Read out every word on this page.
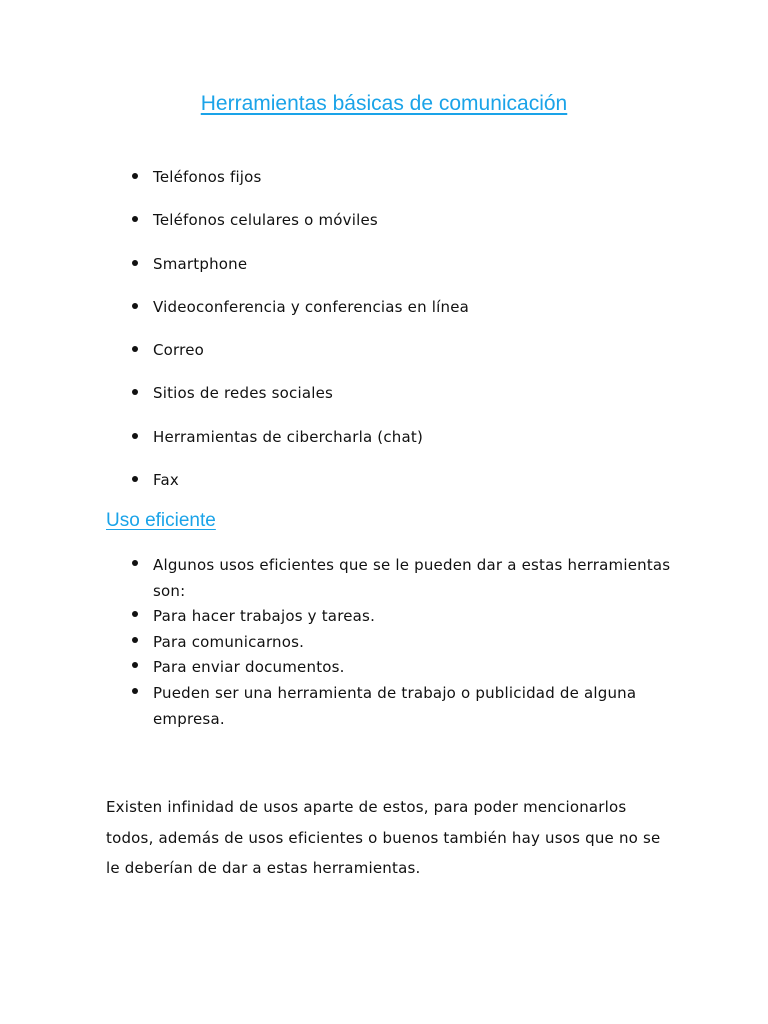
Herramientas básicas de comunicación
Teléfonos fijos
Teléfonos celulares o móviles
Smartphone
Videoconferencia y conferencias en línea
Correo
Sitios de redes sociales
Herramientas de cibercharla (chat)
Fax
Uso eficiente
Algunos usos eficientes que se le pueden dar a estas herramientas son:
Para hacer trabajos y tareas.
Para comunicarnos.
Para enviar documentos.
Pueden ser una herramienta de trabajo o publicidad de alguna empresa.

Existen infinidad de usos aparte de estos, para poder mencionarlos todos, además de usos eficientes o buenos también hay usos que no se le deberían de dar a estas herramientas.
